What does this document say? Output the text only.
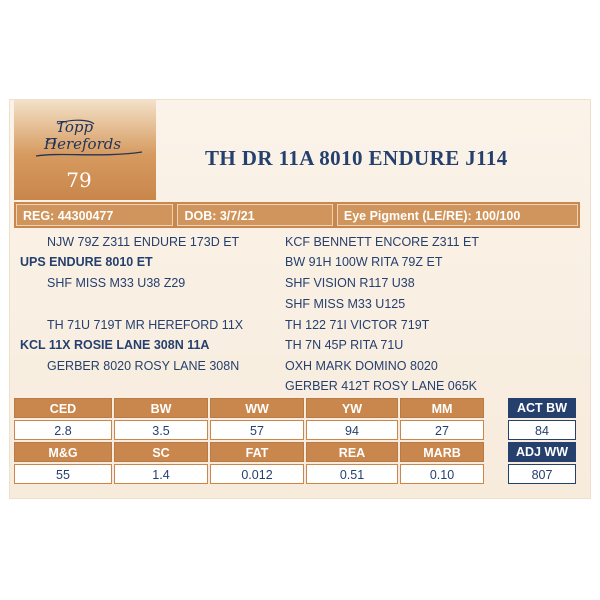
Topp
Herefords
79
TH DR 11A 8010 ENDURE J114
REG: 44300477	DOB: 3/7/21	Eye Pigment (LE/RE): 100/100
NJW 79Z Z311 ENDURE 173D ET
UPS ENDURE 8010 ET
SHF MISS M33 U38 Z29
TH 71U 719T MR HEREFORD 11X
KCL 11X ROSIE LANE 308N 11A
GERBER 8020 ROSY LANE 308N
KCF BENNETT ENCORE Z311 ET
BW 91H 100W RITA 79Z ET
SHF VISION R117 U38
SHF MISS M33 U125
TH 122 71I VICTOR 719T
TH 7N 45P RITA 71U
OXH MARK DOMINO 8020
GERBER 412T ROSY LANE 065K
CED	BW	WW	YW	MM
2.8	3.5	57	94	27
M&G	SC	FAT	REA	MARB
55	1.4	0.012	0.51	0.10
ACT BW
84
ADJ WW
807
